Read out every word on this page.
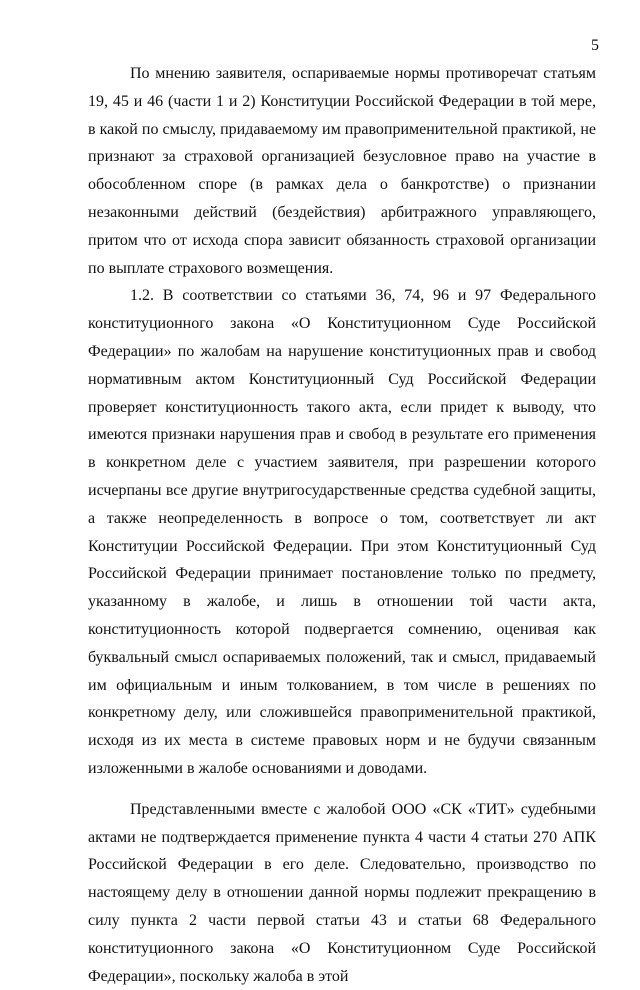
5

По мнению заявителя, оспариваемые нормы противоречат статьям 19, 45 и 46 (части 1 и 2) Конституции Российской Федерации в той мере, в какой по смыслу, придаваемому им правоприменительной практикой, не признают за страховой организацией безусловное право на участие в обособленном споре (в рамках дела о банкротстве) о признании незаконными действий (бездействия) арбитражного управляющего, притом что от исхода спора зависит обязанность страховой организации по выплате страхового возмещения.

1.2. В соответствии со статьями 36, 74, 96 и 97 Федерального конституционного закона «О Конституционном Суде Российской Федерации» по жалобам на нарушение конституционных прав и свобод нормативным актом Конституционный Суд Российской Федерации проверяет конституционность такого акта, если придет к выводу, что имеются признаки нарушения прав и свобод в результате его применения в конкретном деле с участием заявителя, при разрешении которого исчерпаны все другие внутригосударственные средства судебной защиты, а также неопределенность в вопросе о том, соответствует ли акт Конституции Российской Федерации. При этом Конституционный Суд Российской Федерации принимает постановление только по предмету, указанному в жалобе, и лишь в отношении той части акта, конституционность которой подвергается сомнению, оценивая как буквальный смысл оспариваемых положений, так и смысл, придаваемый им официальным и иным толкованием, в том числе в решениях по конкретному делу, или сложившейся правоприменительной практикой, исходя из их места в системе правовых норм и не будучи связанным изложенными в жалобе основаниями и доводами.

Представленными вместе с жалобой ООО «СК «ТИТ» судебными актами не подтверждается применение пункта 4 части 4 статьи 270 АПК Российской Федерации в его деле. Следовательно, производство по настоящему делу в отношении данной нормы подлежит прекращению в силу пункта 2 части первой статьи 43 и статьи 68 Федерального конституционного закона «О Конституционном Суде Российской Федерации», поскольку жалоба в этой
